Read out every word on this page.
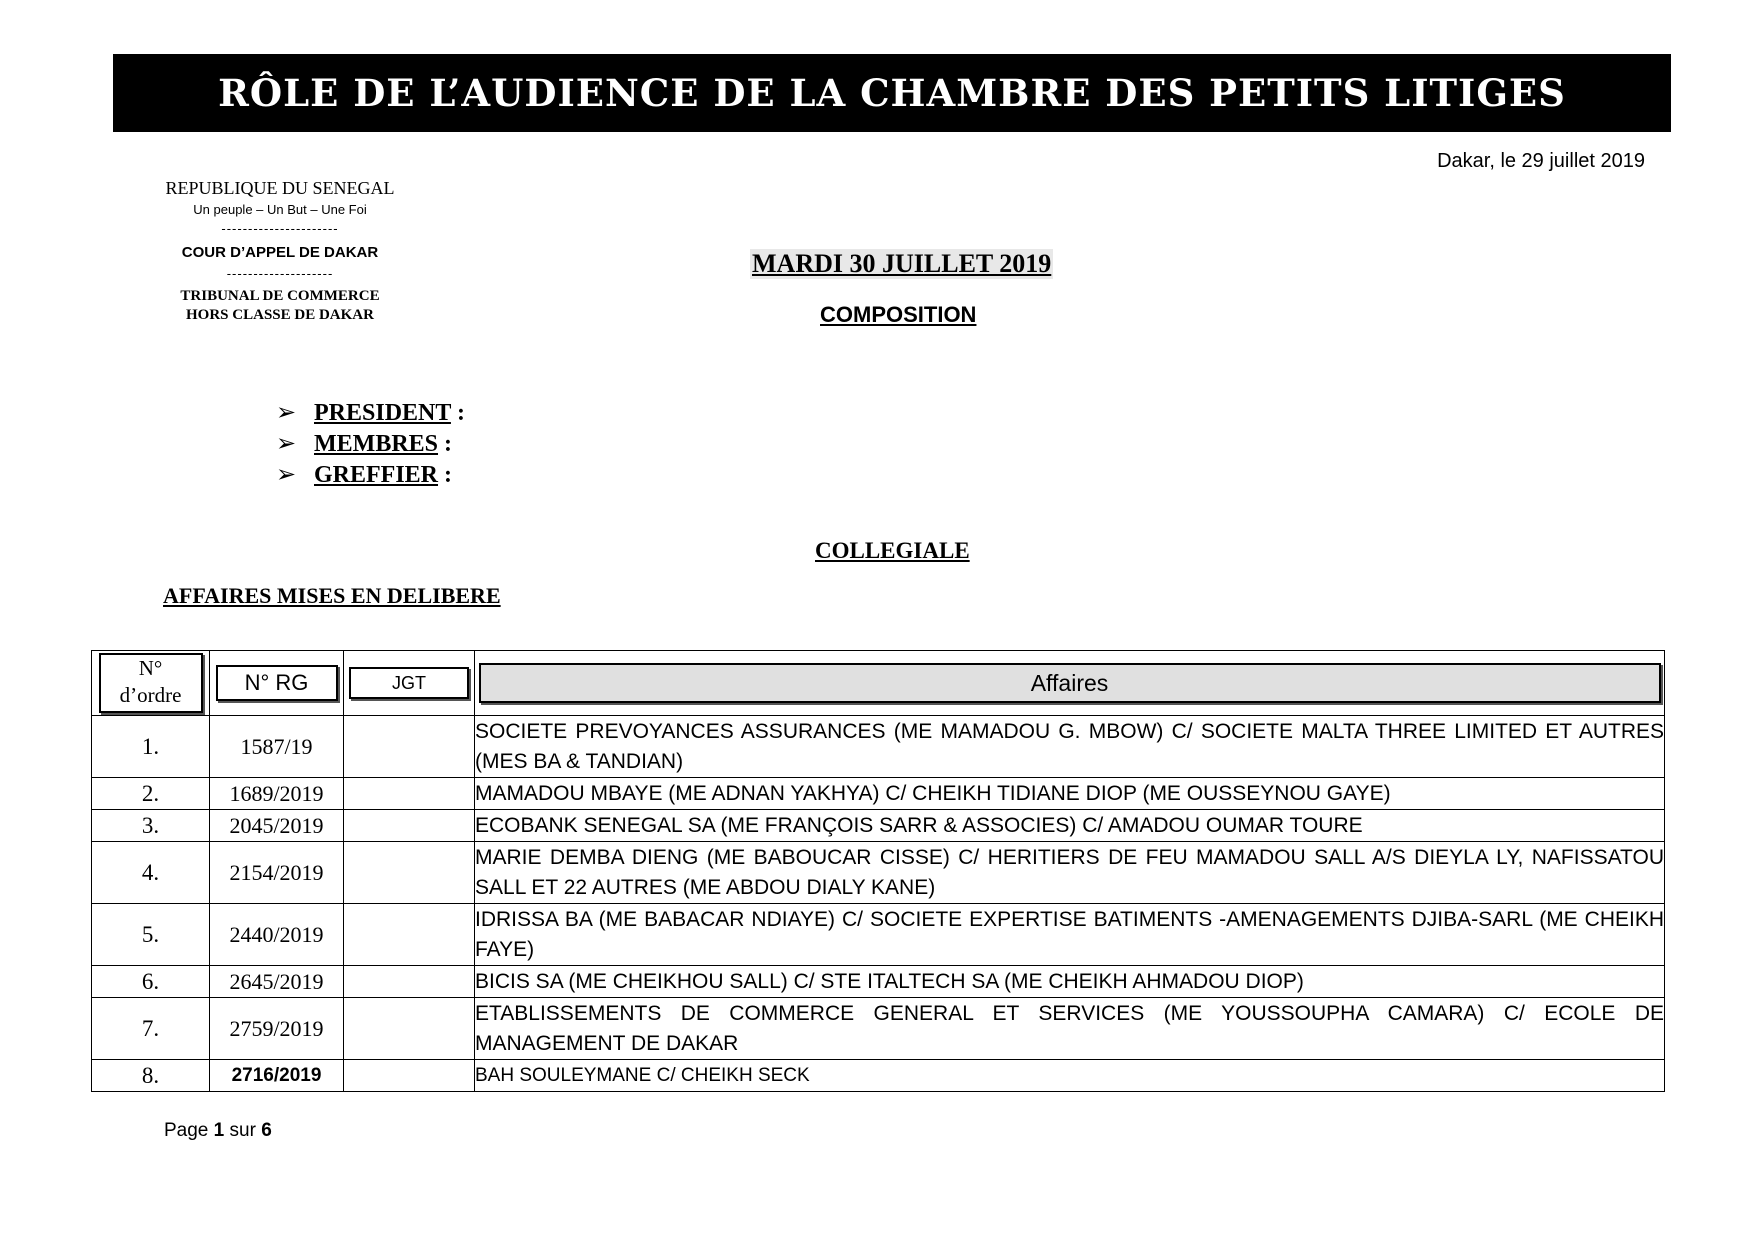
RÔLE DE L’AUDIENCE DE LA CHAMBRE DES PETITS LITIGES
Dakar, le 29 juillet 2019
REPUBLIQUE DU SENEGAL
Un peuple – Un But – Une Foi
----------------------
COUR D’APPEL DE DAKAR
--------------------
TRIBUNAL DE COMMERCE
HORS CLASSE DE DAKAR
MARDI 30 JUILLET 2019
COMPOSITION
➢ PRESIDENT :
➢ MEMBRES :
➢ GREFFIER :
COLLEGIALE
AFFAIRES MISES EN DELIBERE
N°
d’ordre	N° RG	JGT	Affaires

1.	1587/19		SOCIETE PREVOYANCES ASSURANCES (ME MAMADOU G. MBOW) C/ SOCIETE MALTA THREE LIMITED ET AUTRES (MES BA & TANDIAN)
2.	1689/2019		MAMADOU MBAYE (ME ADNAN YAKHYA) C/ CHEIKH TIDIANE DIOP (ME OUSSEYNOU GAYE)
3.	2045/2019		ECOBANK SENEGAL SA (ME FRANÇOIS SARR & ASSOCIES) C/ AMADOU OUMAR TOURE
4.	2154/2019		MARIE DEMBA DIENG (ME BABOUCAR CISSE) C/ HERITIERS DE FEU MAMADOU SALL A/S DIEYLA LY, NAFISSATOU SALL ET 22 AUTRES (ME ABDOU DIALY KANE)
5.	2440/2019		IDRISSA BA (ME BABACAR NDIAYE) C/ SOCIETE EXPERTISE BATIMENTS -AMENAGEMENTS DJIBA-SARL (ME CHEIKH FAYE)
6.	2645/2019		BICIS SA (ME CHEIKHOU SALL) C/ STE ITALTECH SA (ME CHEIKH AHMADOU DIOP)
7.	2759/2019		ETABLISSEMENTS DE COMMERCE GENERAL ET SERVICES (ME YOUSSOUPHA CAMARA) C/ ECOLE DE MANAGEMENT DE DAKAR
8.	2716/2019		BAH SOULEYMANE C/ CHEIKH SECK
Page 1 sur 6
